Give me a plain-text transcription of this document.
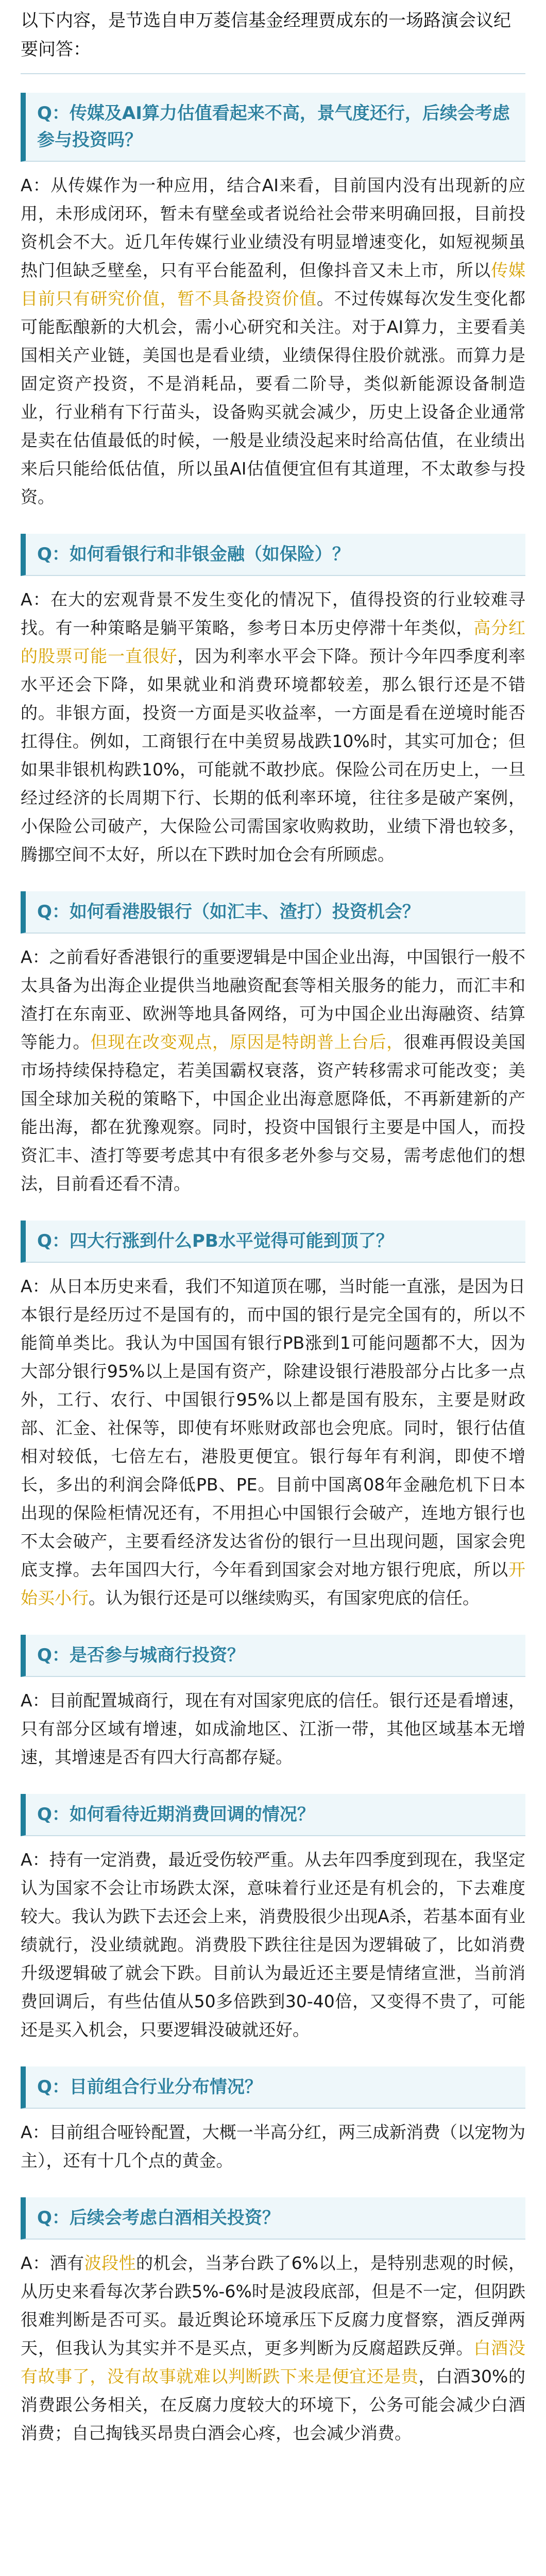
以下内容，是节选自申万菱信基金经理贾成东的一场路演会议纪要问答：

Q：传媒及AI算力估值看起来不高，景气度还行，后续会考虑参与投资吗？

A：从传媒作为一种应用，结合AI来看，目前国内没有出现新的应用，未形成闭环，暂未有壁垒或者说给社会带来明确回报，目前投资机会不大。近几年传媒行业业绩没有明显增速变化，如短视频虽热门但缺乏壁垒，只有平台能盈利，但像抖音又未上市，所以传媒目前只有研究价值，暂不具备投资价值。不过传媒每次发生变化都可能酝酿新的大机会，需小心研究和关注。对于AI算力，主要看美国相关产业链，美国也是看业绩，业绩保得住股价就涨。而算力是固定资产投资，不是消耗品，要看二阶导，类似新能源设备制造业，行业稍有下行苗头，设备购买就会减少，历史上设备企业通常是卖在估值最低的时候，一般是业绩没起来时给高估值，在业绩出来后只能给低估值，所以虽AI估值便宜但有其道理，不太敢参与投资。

Q：如何看银行和非银金融（如保险）？

A：在大的宏观背景不发生变化的情况下，值得投资的行业较难寻找。有一种策略是躺平策略，参考日本历史停滞十年类似，高分红的股票可能一直很好，因为利率水平会下降。预计今年四季度利率水平还会下降，如果就业和消费环境都较差，那么银行还是不错的。非银方面，投资一方面是买收益率，一方面是看在逆境时能否扛得住。例如，工商银行在中美贸易战跌10%时，其实可加仓；但如果非银机构跌10%，可能就不敢抄底。保险公司在历史上，一旦经过经济的长周期下行、长期的低利率环境，往往多是破产案例，小保险公司破产，大保险公司需国家收购救助，业绩下滑也较多，腾挪空间不太好，所以在下跌时加仓会有所顾虑。

Q：如何看港股银行（如汇丰、渣打）投资机会？

A：之前看好香港银行的重要逻辑是中国企业出海，中国银行一般不太具备为出海企业提供当地融资配套等相关服务的能力，而汇丰和渣打在东南亚、欧洲等地具备网络，可为中国企业出海融资、结算等能力。但现在改变观点，原因是特朗普上台后，很难再假设美国市场持续保持稳定，若美国霸权衰落，资产转移需求可能改变；美国全球加关税的策略下，中国企业出海意愿降低，不再新建新的产能出海，都在犹豫观察。同时，投资中国银行主要是中国人，而投资汇丰、渣打等要考虑其中有很多老外参与交易，需考虑他们的想法，目前看还看不清。

Q：四大行涨到什么PB水平觉得可能到顶了？

A：从日本历史来看，我们不知道顶在哪，当时能一直涨，是因为日本银行是经历过不是国有的，而中国的银行是完全国有的，所以不能简单类比。我认为中国国有银行PB涨到1可能问题都不大，因为大部分银行95%以上是国有资产，除建设银行港股部分占比多一点外，工行、农行、中国银行95%以上都是国有股东，主要是财政部、汇金、社保等，即使有坏账财政部也会兜底。同时，银行估值相对较低，七倍左右，港股更便宜。银行每年有利润，即使不增长，多出的利润会降低PB、PE。目前中国离08年金融危机下日本出现的保险柜情况还有，不用担心中国银行会破产，连地方银行也不太会破产，主要看经济发达省份的银行一旦出现问题，国家会兜底支撑。去年国四大行，今年看到国家会对地方银行兜底，所以开始买小行。认为银行还是可以继续购买，有国家兜底的信任。

Q：是否参与城商行投资？

A：目前配置城商行，现在有对国家兜底的信任。银行还是看增速，只有部分区域有增速，如成渝地区、江浙一带，其他区域基本无增速，其增速是否有四大行高都存疑。

Q：如何看待近期消费回调的情况？

A：持有一定消费，最近受伤较严重。从去年四季度到现在，我坚定认为国家不会让市场跌太深，意味着行业还是有机会的，下去难度较大。我认为跌下去还会上来，消费股很少出现A杀，若基本面有业绩就行，没业绩就跑。消费股下跌往往是因为逻辑破了，比如消费升级逻辑破了就会下跌。目前认为最近还主要是情绪宣泄，当前消费回调后，有些估值从50多倍跌到30-40倍，又变得不贵了，可能还是买入机会，只要逻辑没破就还好。

Q：目前组合行业分布情况？

A：目前组合哑铃配置，大概一半高分红，两三成新消费（以宠物为主），还有十几个点的黄金。

Q：后续会考虑白酒相关投资？

A：酒有波段性的机会，当茅台跌了6%以上，是特别悲观的时候，从历史来看每次茅台跌5%-6%时是波段底部，但是不一定，但阴跌很难判断是否可买。最近舆论环境承压下反腐力度督察，酒反弹两天，但我认为其实并不是买点，更多判断为反腐超跌反弹。白酒没有故事了，没有故事就难以判断跌下来是便宜还是贵，白酒30%的消费跟公务相关，在反腐力度较大的环境下，公务可能会减少白酒消费；自己掏钱买昂贵白酒会心疼，也会减少消费。
